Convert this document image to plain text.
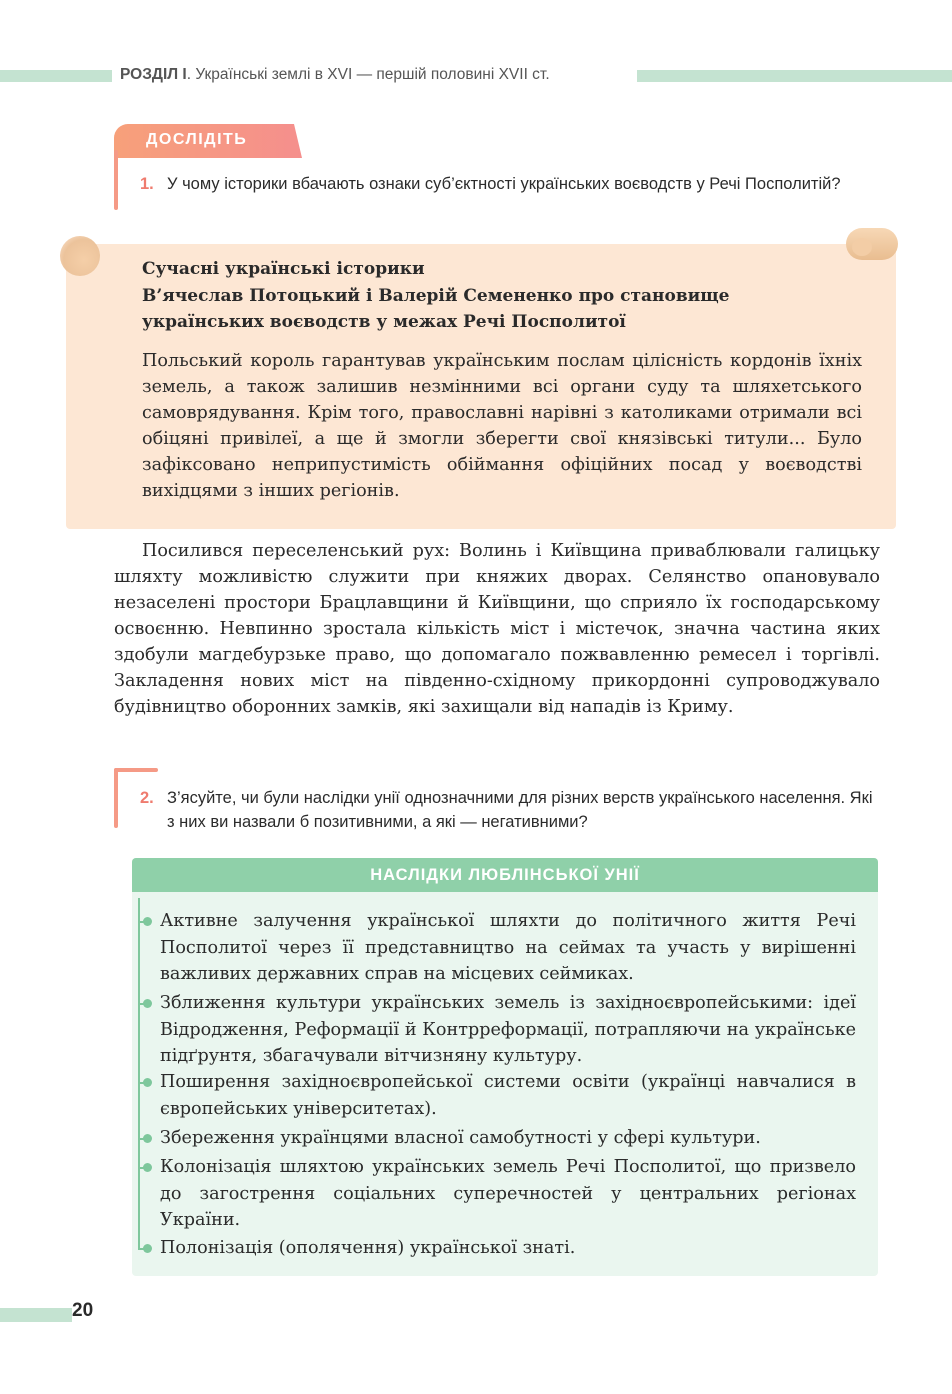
РОЗДІЛ І. Українські землі в XVI — першій половині XVII ст.
ДОСЛІДІТЬ
1. У чому історики вбачають ознаки суб’єктності українських воєводств у Речі Посполитій?
Сучасні українські історики
В’ячеслав Потоцький і Валерій Семененко про становище
українських воєводств у межах Речі Посполитої
Польський король гарантував українським послам цілісність кордонів їхніх земель, а також залишив незмінними всі органи суду та шляхетського самоврядування. Крім того, православні нарівні з католиками отримали всі обіцяні привілеї, а ще й змогли зберегти свої князівські титули... Було зафіксовано неприпустимість обіймання офіційних посад у воєводстві вихідцями з інших регіонів.
Посилився переселенський рух: Волинь і Київщина приваблювали галицьку шляхту можливістю служити при княжих дворах. Селянство опановувало незаселені простори Брацлавщини й Київщини, що сприяло їх господарському освоєнню. Невпинно зростала кількість міст і містечок, значна частина яких здобули магдебурзьке право, що допомагало пожвавленню ремесел і торгівлі. Закладення нових міст на південно-східному прикордонні супроводжувало будівництво оборонних замків, які захищали від нападів із Криму.
2. З’ясуйте, чи були наслідки унії однозначними для різних верств українського населення. Які з них ви назвали б позитивними, а які — негативними?
НАСЛІДКИ ЛЮБЛІНСЬКОЇ УНІЇ
Активне залучення української шляхти до політичного життя Речі Посполитої через її представництво на сеймах та участь у вирішенні важливих державних справ на місцевих сеймиках.
Зближення культури українських земель із західноєвропейськими: ідеї Відродження, Реформації й Контрреформації, потрапляючи на українське підґрунтя, збагачували вітчизняну культуру.
Поширення західноєвропейської системи освіти (українці навчалися в європейських університетах).
Збереження українцями власної самобутності у сфері культури.
Колонізація шляхтою українських земель Речі Посполитої, що призвело до загострення соціальних суперечностей у центральних регіонах України.
Полонізація (ополячення) української знаті.
20
